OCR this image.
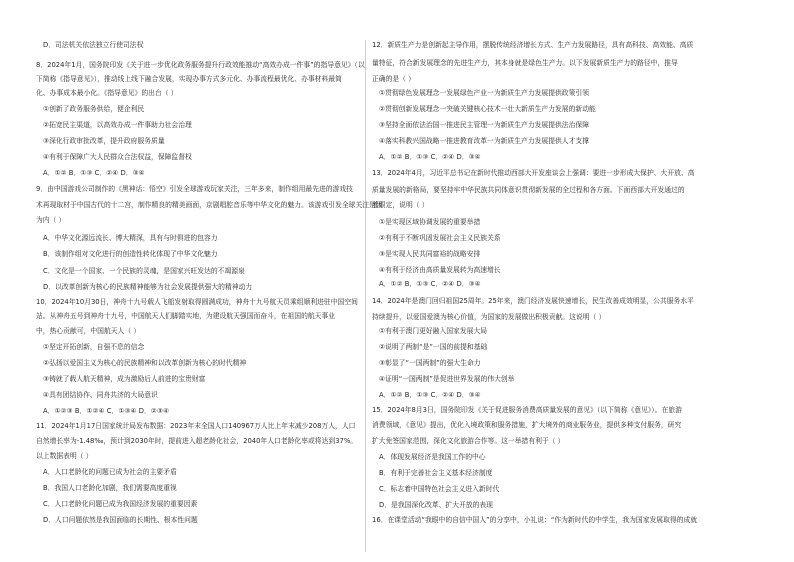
D．司法机关依法独立行使司法权
8．2024年1月，国务院印发《关于进一步优化政务服务提升行政效能推动“高效办成一件事”的指导意见》（以
下简称《指导意见》），推动线上线下融合发展，实现办事方式多元化、办事流程最优化、办事材料最简
化、办事成本最小化。《指导意见》的出台（ ）
①创新了政务服务供给，便企利民
②拓宽民主渠道，以高效办成一件事助力社会治理
③深化行政审批改革，提升政府服务质量
④有利于保障广大人民群众合法权益，保障监督权
A．①② B．①③ C．②④ D．③④
9．由中国游戏公司制作的《黑神话：悟空》引发全球游戏玩家关注，三年多来，制作组用最先进的游戏技
术再现取材于中国古代的十二宫，制作精良的精美画面，京剧唱腔音乐等中华文化的魅力。该游戏引发全球关注是因
为内（ ）
A．中华文化源远流长、博大精深，具有与时俱进的包容力
B．该制作组对文化进行的创造性转化体现了中华文化魅力
C．文化是一个国家、一个民族的灵魂，是国家兴旺发达的不竭源泉
D．以改革创新为核心的民族精神能够为社会发展提供强大的精神动力
10．2024年10月30日，神舟十九号载人飞船发射取得圆满成功，神舟十九号航天员乘组顺利进驻中国空间
站。从神舟五号到神舟十九号，中国航天人们脚踏实地，为建设航天强国而奋斗，在祖国的航天事业
中，热心贡献可，中国航天人（ ）
①坚定开拓创新，自强不息的信念
②弘扬以爱国主义为核心的民族精神和以改革创新为核心的时代精神
③铸就了载人航天精神，成为激励后人前进的宝贵财富
④具有团结协作、同舟共济的大局意识
A．①②③ B．①②④ C．①③④ D．②③④
11．2024年1月17日国家统计局发布数据：2023年末全国人口140967万人比上年末减少208万人，人口
自然增长率为-1.48‰，预计到2030年时，提前进入超老龄化社会，2040年人口老龄化率或将达到37%。
以上数据表明（ ）
A．人口老龄化的问题已成为社会的主要矛盾
B．我国人口老龄化加剧，我们需要高度重视
C．人口老龄化问题已成为我国经济发展的重要因素
D．人口问题依然是我国面临的长期性、根本性问题
12．新质生产力是创新起主导作用，摆脱传统经济增长方式、生产力发展路径，具有高科技、高效能、高质
量特征，符合新发展理念的先进生产力，其本身就是绿色生产力。以下发展新质生产力的路径中，推导
正确的是（ ）
①贯彻绿色发展理念一发展绿色产业一为新质生产力发展提供政策引领
②贯彻创新发展理念一突破关键核心技术一壮大新质生产力发展的新动能
③坚持全面依法治国一推进民主管理一为新质生产力发展提供法治保障
④落实科教兴国战略一推进教育改革一为新质生产力发展提供人才支撑
A．①② B．①③ C．②④ D．③④
13．2024年4月，习近平总书记在新时代推动西部大开发座谈会上强调：要进一步形成大保护、大开放、高
质量发展的新格局，要坚持牢中华民族共同体意识贯彻新发展的全过程和各方面。下面西部大开发通过的
着眼定，说明（ ）
①是实现区域协调发展的重要举措
②有利于不断巩固发展社会主义民族关系
③是实现人民共同富裕的战略安排
④有利于经济由高质量发展转为高速增长
A．①② B．①③ C．②④ D．③④
14．2024年是澳门回归祖国25周年。25年来，澳门经济发展快速增长，民生改善成效明显，公共服务水平
持续提升，以爱国爱澳为核心价值，为国家的发展做出积极贡献。这说明（ ）
①有利于澳门更好融入国家发展大局
②说明了两制“是”一国的前提和基础
③彰显了“一国两制”的强大生命力
④证明“一国两制”是促进世界发展的伟大创举
A．①② B．①③ C．②④ D．③④
15．2024年8月3日，国务院印发《关于促进服务消费高质量发展的意见》（以下简称《意见》）。在旅游
消费领域，《意见》提出，优化入境政策和服务措施，扩大境外的商业服务业，提供多种支付服务，研究
扩大免签国家范围，深化文化旅游合作等。这一举措有利于（ ）
A．体现发展经济是我国工作的中心
B．有利于完善社会主义基本经济制度
C．标志着中国特色社会主义进入新时代
D．是我国深化改革、扩大开放的表现
16．在课堂活动“我眼中的自信中国人”的分享中，小礼说：“作为新时代的中学生，我为国家发展取得的成就
